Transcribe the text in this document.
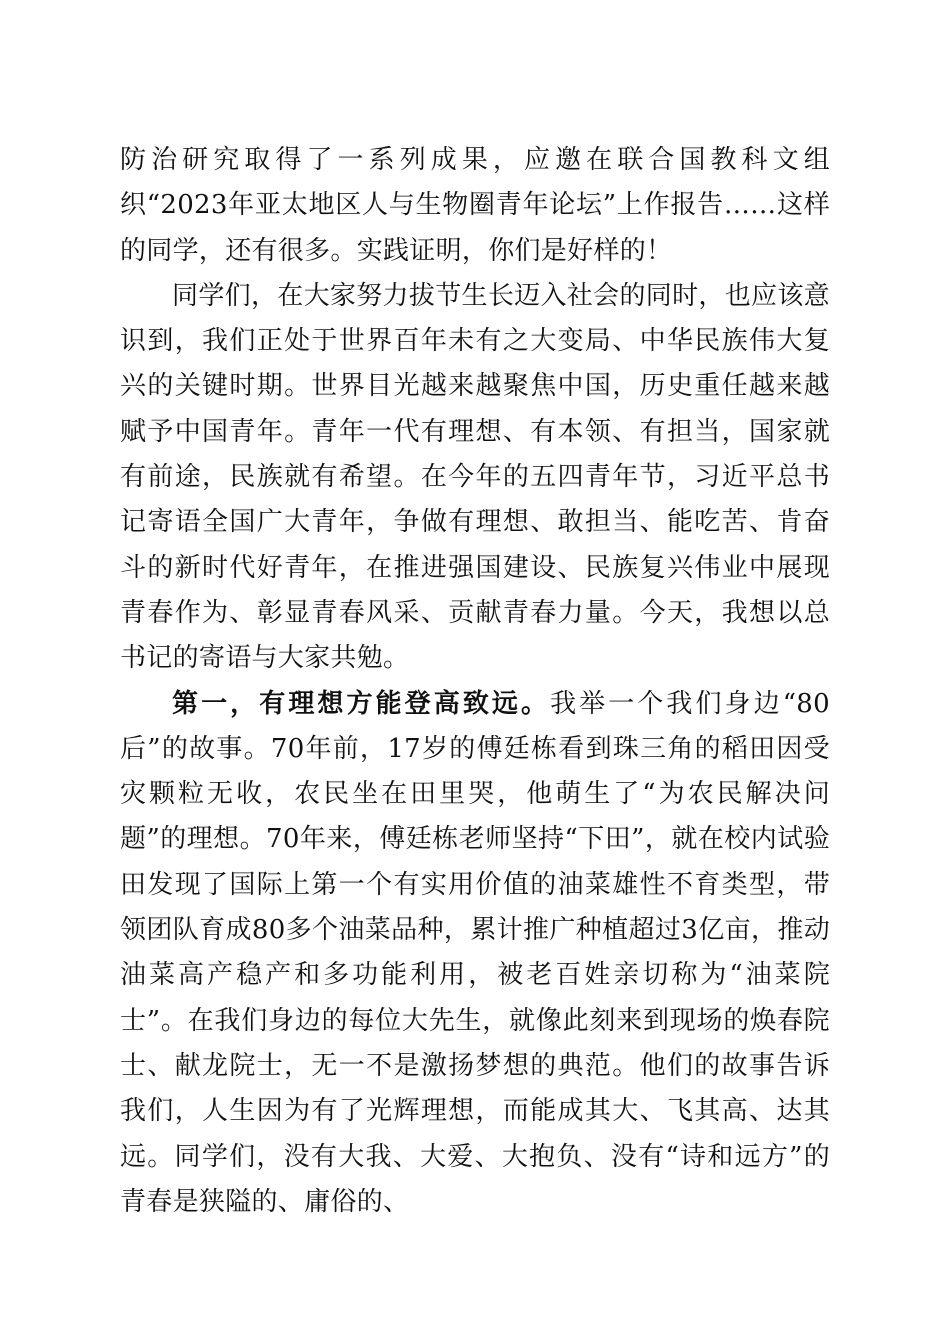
防治研究取得了一系列成果，应邀在联合国教科文组织“2023年亚太地区人与生物圈青年论坛”上作报告……这样的同学，还有很多。实践证明，你们是好样的！

同学们，在大家努力拔节生长迈入社会的同时，也应该意识到，我们正处于世界百年未有之大变局、中华民族伟大复兴的关键时期。世界目光越来越聚焦中国，历史重任越来越赋予中国青年。青年一代有理想、有本领、有担当，国家就有前途，民族就有希望。在今年的五四青年节，习近平总书记寄语全国广大青年，争做有理想、敢担当、能吃苦、肯奋斗的新时代好青年，在推进强国建设、民族复兴伟业中展现青春作为、彰显青春风采、贡献青春力量。今天，我想以总书记的寄语与大家共勉。

第一，有理想方能登高致远。我举一个我们身边“80后”的故事。70年前，17岁的傅廷栋看到珠三角的稻田因受灾颗粒无收，农民坐在田里哭，他萌生了“为农民解决问题”的理想。70年来，傅廷栋老师坚持“下田”，就在校内试验田发现了国际上第一个有实用价值的油菜雄性不育类型，带领团队育成80多个油菜品种，累计推广种植超过3亿亩，推动油菜高产稳产和多功能利用，被老百姓亲切称为“油菜院士”。在我们身边的每位大先生，就像此刻来到现场的焕春院士、献龙院士，无一不是激扬梦想的典范。他们的故事告诉我们，人生因为有了光辉理想，而能成其大、飞其高、达其远。同学们，没有大我、大爱、大抱负、没有“诗和远方”的青春是狭隘的、庸俗的、
